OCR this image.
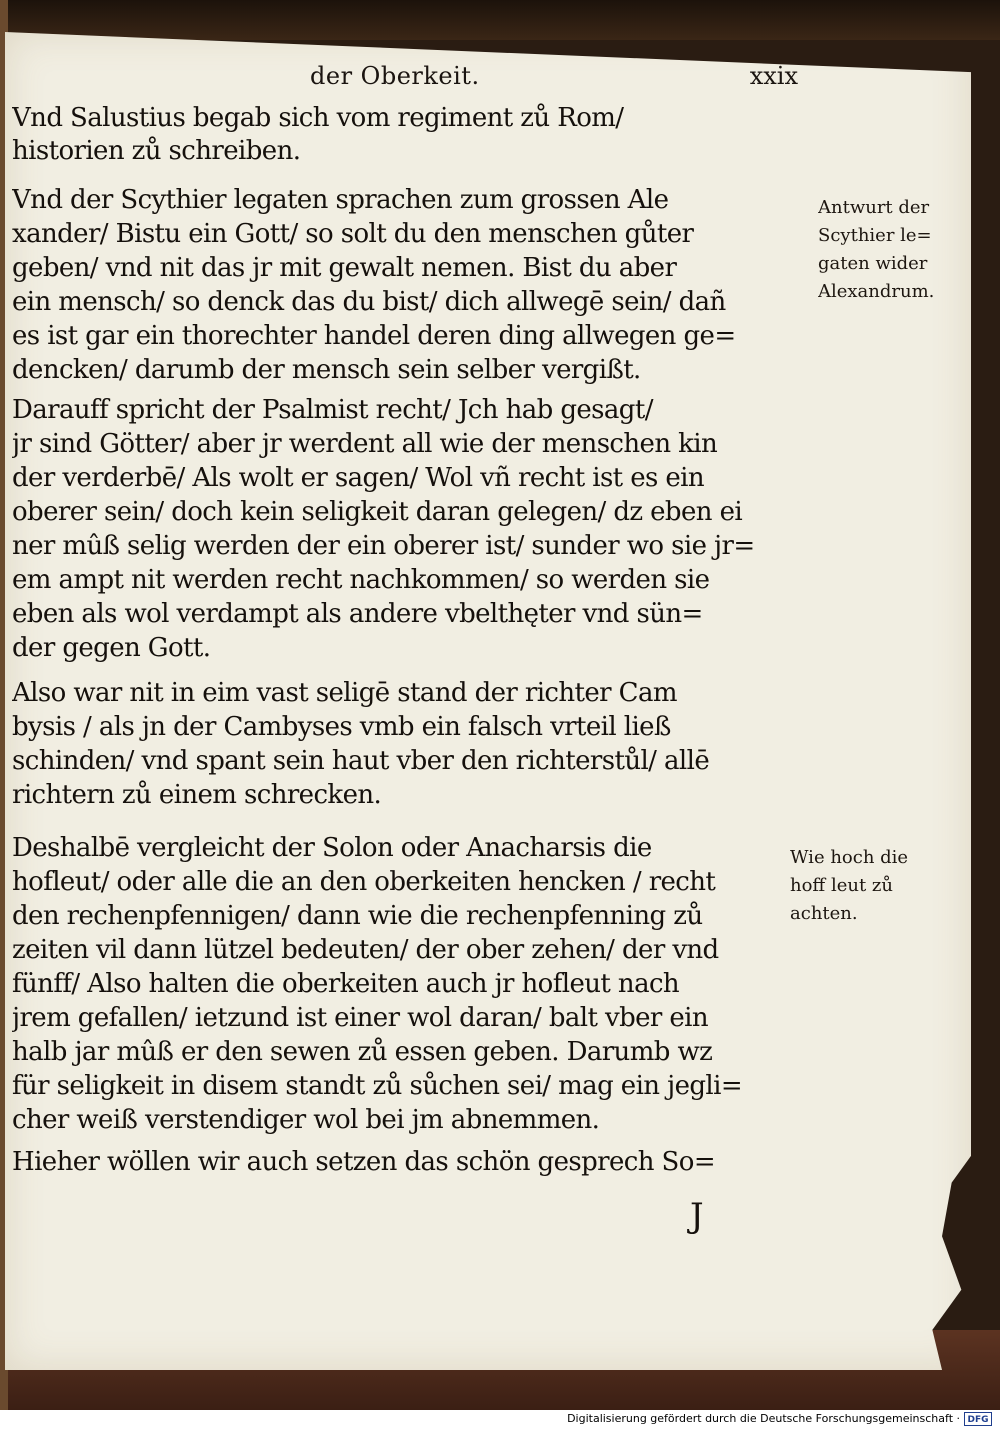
der Oberkeit.	xxix
Vnd Salustius begab sich vom regiment zů Rom/
historien zů schreiben.
Vnd der Scythier legaten sprachen zum grossen Ale
xander/ Bistu ein Gott/ so solt du den menschen gůter
geben/ vnd nit das jr mit gewalt nemen. Bist du aber
ein mensch/ so denck das du bist/ dich allwegē sein/ dañ
es ist gar ein thorechter handel deren ding allwegen ge=
dencken/ darumb der mensch sein selber vergißt.
Darauff spricht der Psalmist recht/ Jch hab gesagt/
jr sind Götter/ aber jr werdent all wie der menschen kin
der verderbē/ Als wolt er sagen/ Wol vñ recht ist es ein
oberer sein/ doch kein seligkeit daran gelegen/ dz eben ei
ner mûß selig werden der ein oberer ist/ sunder wo sie jr=
em ampt nit werden recht nachkommen/ so werden sie
eben als wol verdampt als andere vbelthęter vnd sün=
der gegen Gott.
Also war nit in eim vast seligē stand der richter Cam
bysis / als jn der Cambyses vmb ein falsch vrteil ließ
schinden/ vnd spant sein haut vber den richterstůl/ allē
richtern zů einem schrecken.
Deshalbē vergleicht der Solon oder Anacharsis die
hofleut/ oder alle die an den oberkeiten hencken / recht
den rechenpfennigen/ dann wie die rechenpfenning zů
zeiten vil dann lützel bedeuten/ der ober zehen/ der vnd
fünff/ Also halten die oberkeiten auch jr hofleut nach
jrem gefallen/ ietzund ist einer wol daran/ balt vber ein
halb jar mûß er den sewen zů essen geben. Darumb wz
für seligkeit in disem standt zů sůchen sei/ mag ein jegli=
cher weiß verstendiger wol bei jm abnemmen.
Hieher wöllen wir auch setzen das schön gesprech So=
Antwurt der
Scythier le=
gaten wider
Alexandrum.
Wie hoch die
hoff leut zů
achten.
J
Digitalisierung gefördert durch die Deutsche Forschungsgemeinschaft · DFG
